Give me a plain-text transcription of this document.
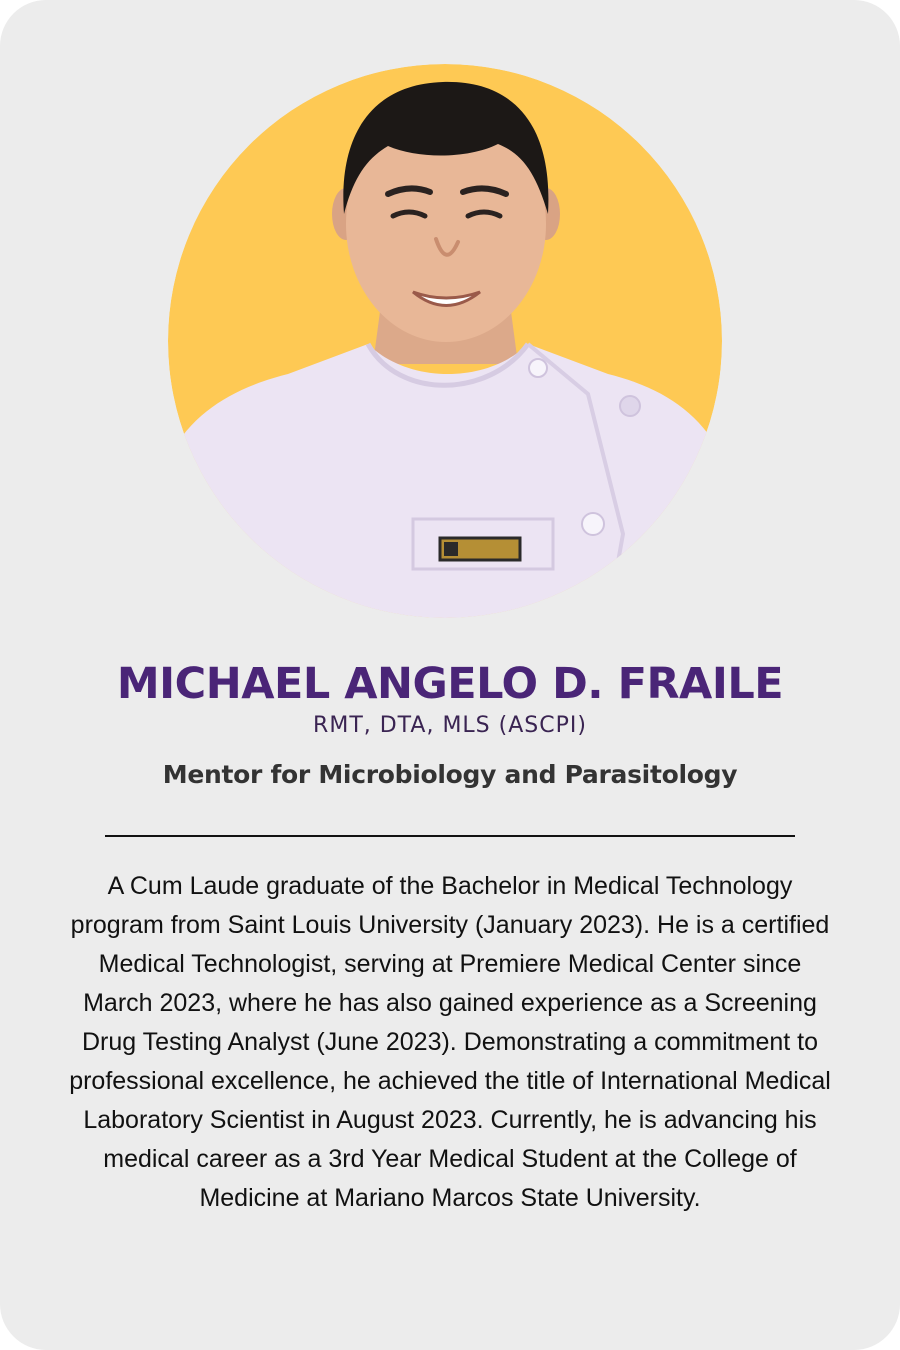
MICHAEL ANGELO D. FRAILE
RMT, DTA, MLS (ASCPI)
Mentor for Microbiology and Parasitology
A Cum Laude graduate of the Bachelor in Medical Technology program from Saint Louis University (January 2023). He is a certified Medical Technologist, serving at Premiere Medical Center since March 2023, where he has also gained experience as a Screening Drug Testing Analyst (June 2023). Demonstrating a commitment to professional excellence, he achieved the title of International Medical Laboratory Scientist in August 2023. Currently, he is advancing his medical career as a 3rd Year Medical Student at the College of Medicine at Mariano Marcos State University.
